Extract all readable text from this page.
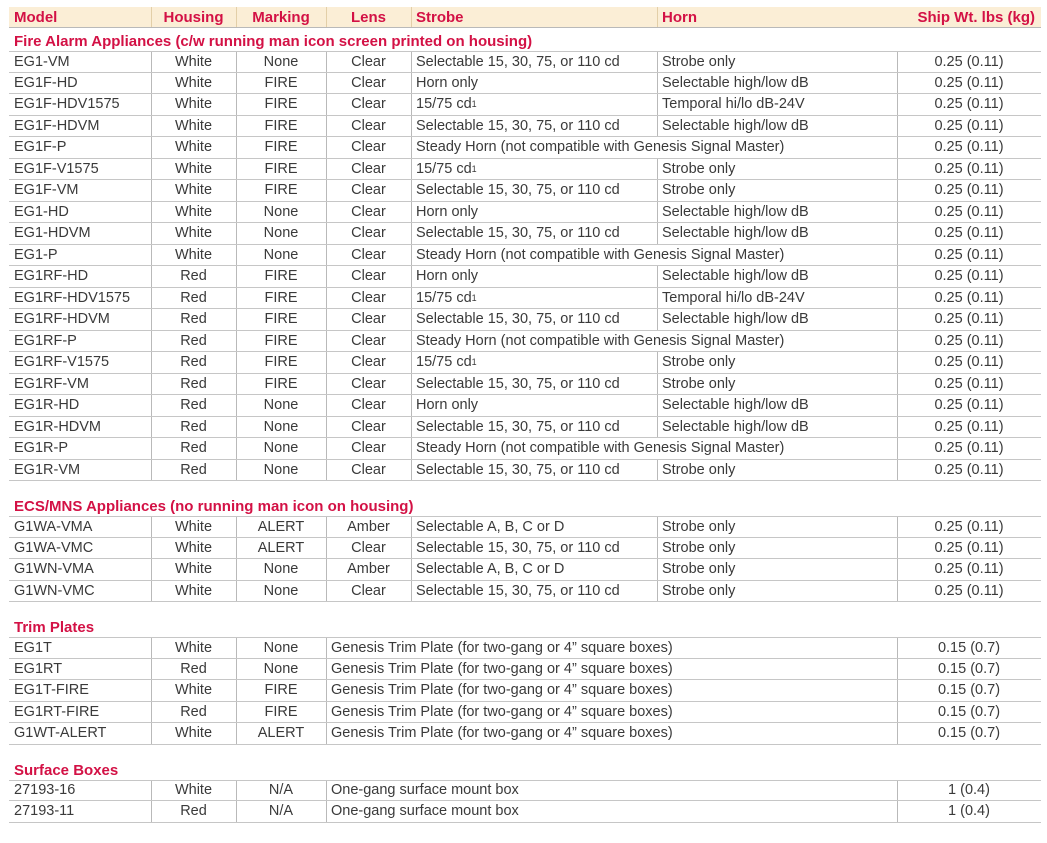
Model	Housing	Marking	Lens	Strobe	Horn	Ship Wt. lbs (kg)
Fire Alarm Appliances (c/w running man icon screen printed on housing)
EG1-VM	White	None	Clear	Selectable 15, 30, 75, or 110 cd	Strobe only	0.25 (0.11)
EG1F-HD	White	FIRE	Clear	Horn only	Selectable high/low dB	0.25 (0.11)
EG1F-HDV1575	White	FIRE	Clear	15/75 cd 1	Temporal hi/lo dB-24V	0.25 (0.11)
EG1F-HDVM	White	FIRE	Clear	Selectable 15, 30, 75, or 110 cd	Selectable high/low dB	0.25 (0.11)
EG1F-P	White	FIRE	Clear	Steady Horn (not compatible with Genesis Signal Master)	0.25 (0.11)
EG1F-V1575	White	FIRE	Clear	15/75 cd 1	Strobe only	0.25 (0.11)
EG1F-VM	White	FIRE	Clear	Selectable 15, 30, 75, or 110 cd	Strobe only	0.25 (0.11)
EG1-HD	White	None	Clear	Horn only	Selectable high/low dB	0.25 (0.11)
EG1-HDVM	White	None	Clear	Selectable 15, 30, 75, or 110 cd	Selectable high/low dB	0.25 (0.11)
EG1-P	White	None	Clear	Steady Horn (not compatible with Genesis Signal Master)	0.25 (0.11)
EG1RF-HD	Red	FIRE	Clear	Horn only	Selectable high/low dB	0.25 (0.11)
EG1RF-HDV1575	Red	FIRE	Clear	15/75 cd 1	Temporal hi/lo dB-24V	0.25 (0.11)
EG1RF-HDVM	Red	FIRE	Clear	Selectable 15, 30, 75, or 110 cd	Selectable high/low dB	0.25 (0.11)
EG1RF-P	Red	FIRE	Clear	Steady Horn (not compatible with Genesis Signal Master)	0.25 (0.11)
EG1RF-V1575	Red	FIRE	Clear	15/75 cd 1	Strobe only	0.25 (0.11)
EG1RF-VM	Red	FIRE	Clear	Selectable 15, 30, 75, or 110 cd	Strobe only	0.25 (0.11)
EG1R-HD	Red	None	Clear	Horn only	Selectable high/low dB	0.25 (0.11)
EG1R-HDVM	Red	None	Clear	Selectable 15, 30, 75, or 110 cd	Selectable high/low dB	0.25 (0.11)
EG1R-P	Red	None	Clear	Steady Horn (not compatible with Genesis Signal Master)	0.25 (0.11)
EG1R-VM	Red	None	Clear	Selectable 15, 30, 75, or 110 cd	Strobe only	0.25 (0.11)
ECS/MNS Appliances (no running man icon on housing)
G1WA-VMA	White	ALERT	Amber	Selectable A, B, C or D	Strobe only	0.25 (0.11)
G1WA-VMC	White	ALERT	Clear	Selectable 15, 30, 75, or 110 cd	Strobe only	0.25 (0.11)
G1WN-VMA	White	None	Amber	Selectable A, B, C or D	Strobe only	0.25 (0.11)
G1WN-VMC	White	None	Clear	Selectable 15, 30, 75, or 110 cd	Strobe only	0.25 (0.11)
Trim Plates
EG1T	White	None	Genesis Trim Plate (for two-gang or 4” square boxes)	0.15 (0.7)
EG1RT	Red	None	Genesis Trim Plate (for two-gang or 4” square boxes)	0.15 (0.7)
EG1T-FIRE	White	FIRE	Genesis Trim Plate (for two-gang or 4” square boxes)	0.15 (0.7)
EG1RT-FIRE	Red	FIRE	Genesis Trim Plate (for two-gang or 4” square boxes)	0.15 (0.7)
G1WT-ALERT	White	ALERT	Genesis Trim Plate (for two-gang or 4” square boxes)	0.15 (0.7)
Surface Boxes
27193-16	White	N/A	One-gang surface mount box	1 (0.4)
27193-11	Red	N/A	One-gang surface mount box	1 (0.4)
